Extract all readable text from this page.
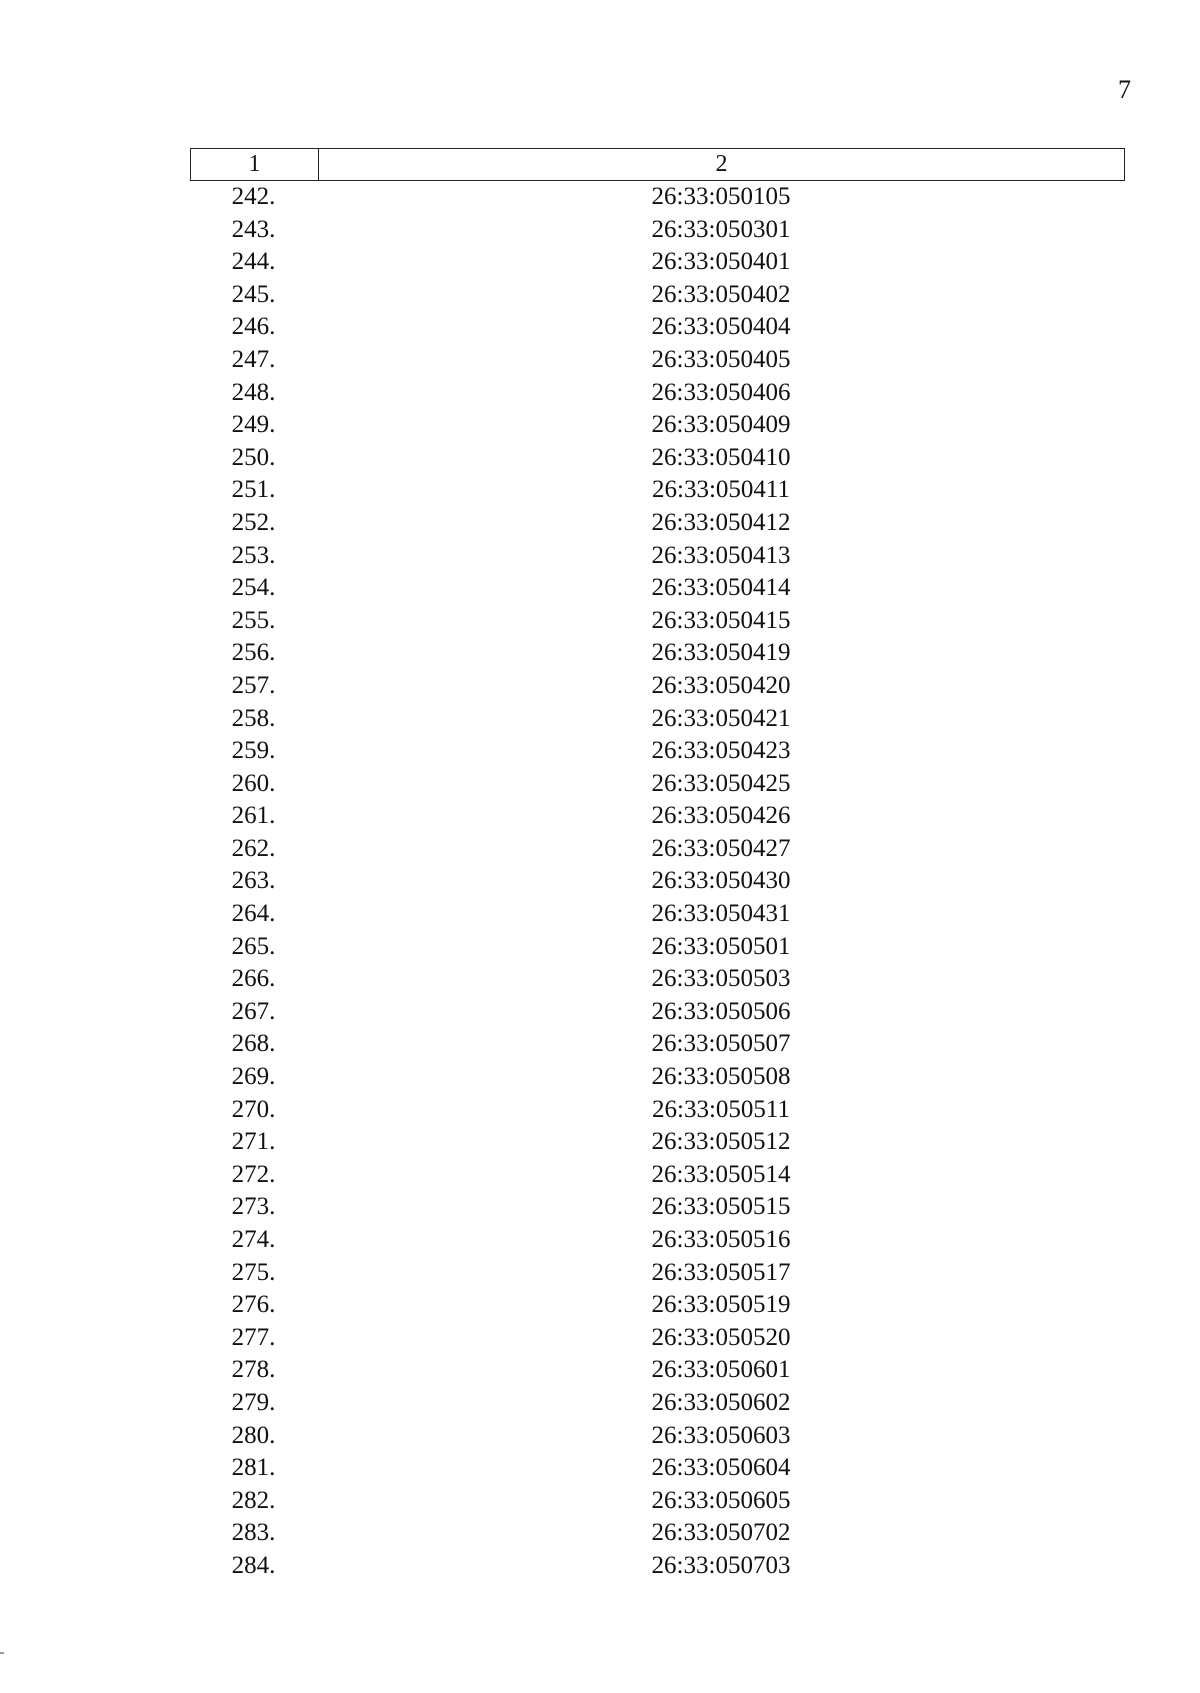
7
1	2
242.	26:33:050105
243.	26:33:050301
244.	26:33:050401
245.	26:33:050402
246.	26:33:050404
247.	26:33:050405
248.	26:33:050406
249.	26:33:050409
250.	26:33:050410
251.	26:33:050411
252.	26:33:050412
253.	26:33:050413
254.	26:33:050414
255.	26:33:050415
256.	26:33:050419
257.	26:33:050420
258.	26:33:050421
259.	26:33:050423
260.	26:33:050425
261.	26:33:050426
262.	26:33:050427
263.	26:33:050430
264.	26:33:050431
265.	26:33:050501
266.	26:33:050503
267.	26:33:050506
268.	26:33:050507
269.	26:33:050508
270.	26:33:050511
271.	26:33:050512
272.	26:33:050514
273.	26:33:050515
274.	26:33:050516
275.	26:33:050517
276.	26:33:050519
277.	26:33:050520
278.	26:33:050601
279.	26:33:050602
280.	26:33:050603
281.	26:33:050604
282.	26:33:050605
283.	26:33:050702
284.	26:33:050703
